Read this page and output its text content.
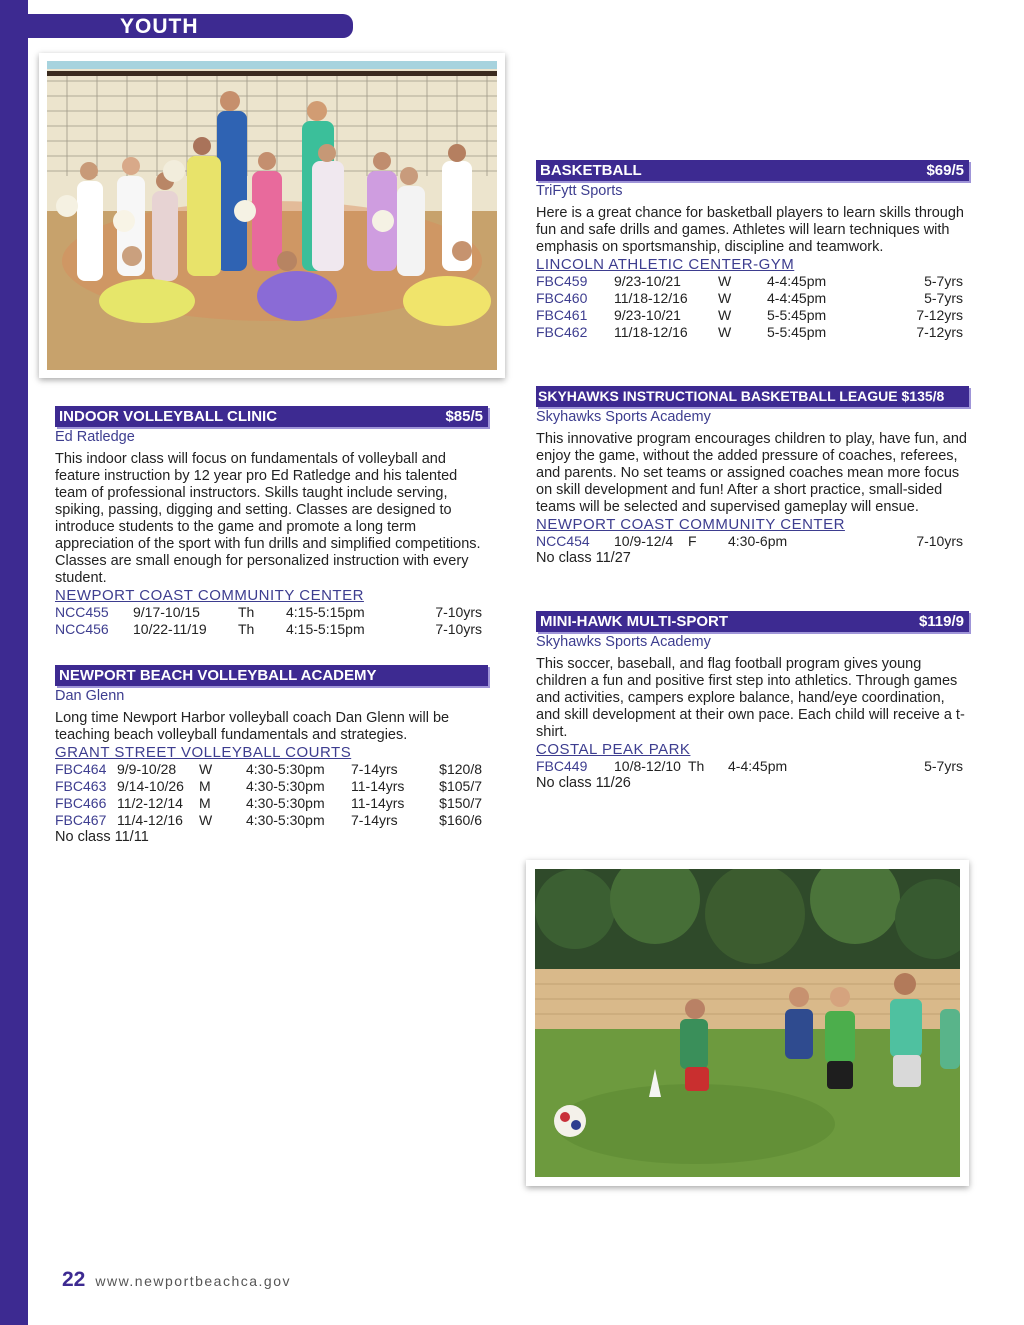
YOUTH
INDOOR VOLLEYBALL CLINIC	$85/5
Ed Ratledge
This indoor class will focus on fundamentals of volleyball and feature instruction by 12 year pro Ed Ratledge and his talented team of professional instructors. Skills taught include serving, spiking, passing, digging and setting. Classes are designed to introduce students to the game and promote a long term appreciation of the sport with fun drills and simplified competitions. Classes are small enough for personalized instruction with every student.
NEWPORT COAST COMMUNITY CENTER
NCC455 9/17-10/15	Th 4:15-5:15pm	7-10yrs
NCC456 10/22-11/19 Th 4:15-5:15pm	7-10yrs
NEWPORT BEACH VOLLEYBALL ACADEMY
Dan Glenn
Long time Newport Harbor volleyball coach Dan Glenn will be teaching beach volleyball fundamentals and strategies.
GRANT STREET VOLLEYBALL COURTS
FBC464 9/9-10/28 W 4:30-5:30pm 7-14yrs	$120/8
FBC463 9/14-10/26 M	4:30-5:30pm 11-14yrs $105/7
FBC466 11/2-12/14 M	4:30-5:30pm 11-14yrs $150/7
FBC467 11/4-12/16 W 4:30-5:30pm 7-14yrs	$160/6
No class 11/11
BASKETBALL	$69/5
TriFytt Sports
Here is a great chance for basketball players to learn skills through fun and safe drills and games. Athletes will learn techniques with emphasis on sportsmanship, discipline and teamwork.
LINCOLN ATHLETIC CENTER-GYM
FBC459 9/23-10/21	W	4-4:45pm	5-7yrs
FBC460 11/18-12/16 W	4-4:45pm	5-7yrs
FBC461 9/23-10/21	W	5-5:45pm	7-12yrs
FBC462 11/18-12/16 W	5-5:45pm	7-12yrs
SKYHAWKS INSTRUCTIONAL BASKETBALL LEAGUE $135/8
Skyhawks Sports Academy
This innovative program encourages children to play, have fun, and enjoy the game, without the added pressure of coaches, referees, and parents. No set teams or assigned coaches mean more focus on skill development and fun! After a short practice, small-sided teams will be selected and supervised gameplay will ensue.
NEWPORT COAST COMMUNITY CENTER
NCC454 10/9-12/4 F 4:30-6pm	7-10yrs
No class 11/27
MINI-HAWK MULTI-SPORT	$119/9
Skyhawks Sports Academy
This soccer, baseball, and flag football program gives young children a fun and positive first step into athletics. Through games and activities, campers explore balance, hand/eye coordination, and skill development at their own pace. Each child will receive a t-shirt.
COSTAL PEAK PARK
FBC449 10/8-12/10 Th 4-4:45pm	5-7yrs
No class 11/26
22 www.newportbeachca.gov
